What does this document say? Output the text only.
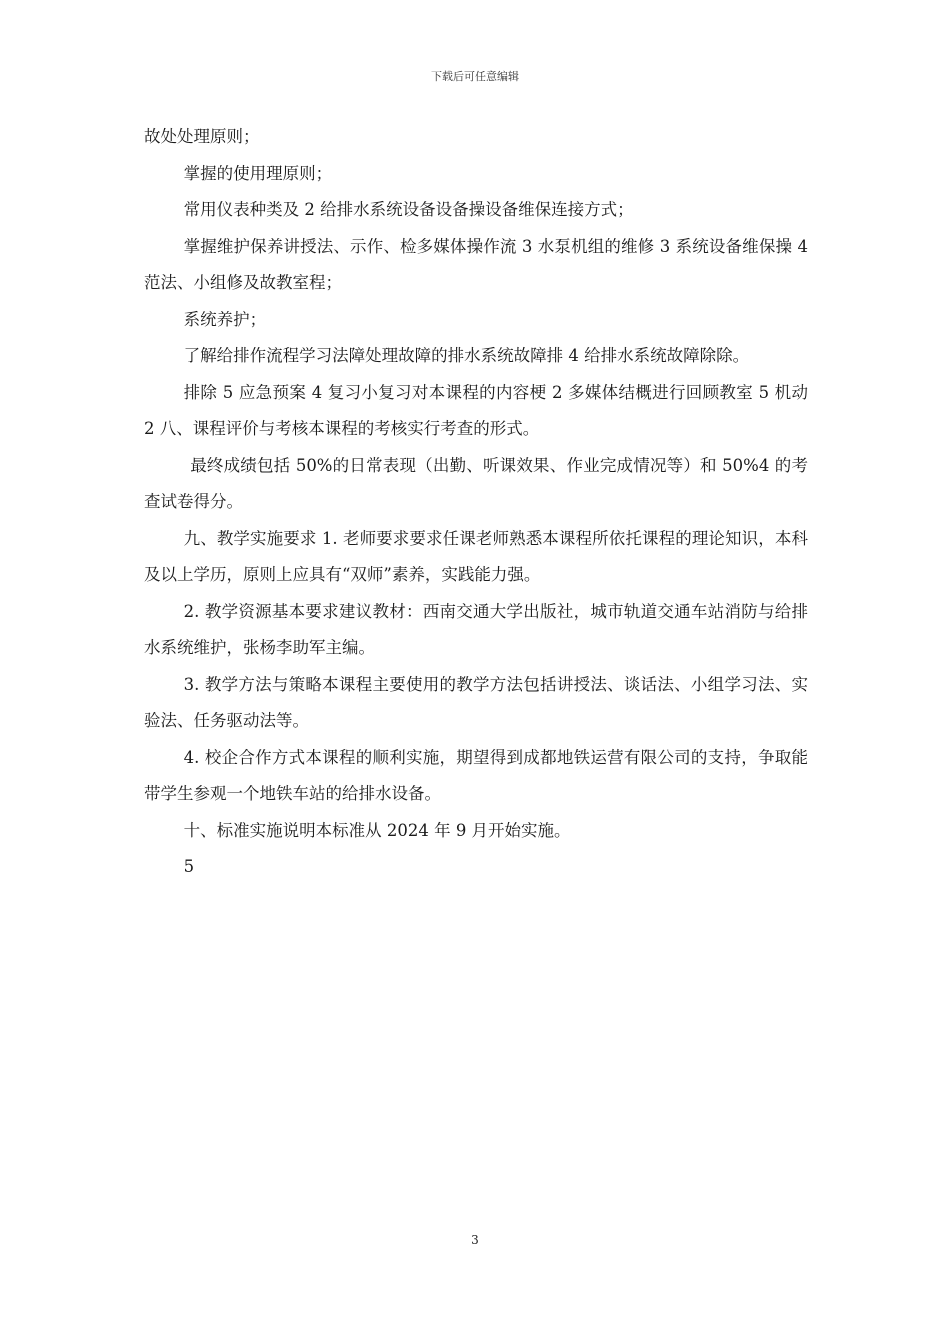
下载后可任意编辑

故处处理原则；

掌握的使用理原则；

常用仪表种类及 2 给排水系统设备设备操设备维保连接方式；

掌握维护保养讲授法、示作、检多媒体操作流 3 水泵机组的维修 3 系统设备维保操 4 范法、小组修及故教室程；

系统养护；

了解给排作流程学习法障处理故障的排水系统故障排 4 给排水系统故障除除。

排除 5 应急预案 4 复习小复习对本课程的内容梗 2 多媒体结概进行回顾教室 5 机动 2 八、课程评价与考核本课程的考核实行考查的形式。

最终成绩包括 50%的日常表现（出勤、听课效果、作业完成情况等）和 50%4 的考查试卷得分。

九、教学实施要求 1. 老师要求要求任课老师熟悉本课程所依托课程的理论知识，本科及以上学历，原则上应具有“双师”素养，实践能力强。

2. 教学资源基本要求建议教材：西南交通大学出版社，城市轨道交通车站消防与给排水系统维护，张杨李助军主编。

3. 教学方法与策略本课程主要使用的教学方法包括讲授法、谈话法、小组学习法、实验法、任务驱动法等。

4. 校企合作方式本课程的顺利实施，期望得到成都地铁运营有限公司的支持，争取能带学生参观一个地铁车站的给排水设备。

十、标准实施说明本标准从 2024 年 9 月开始实施。

5

3
